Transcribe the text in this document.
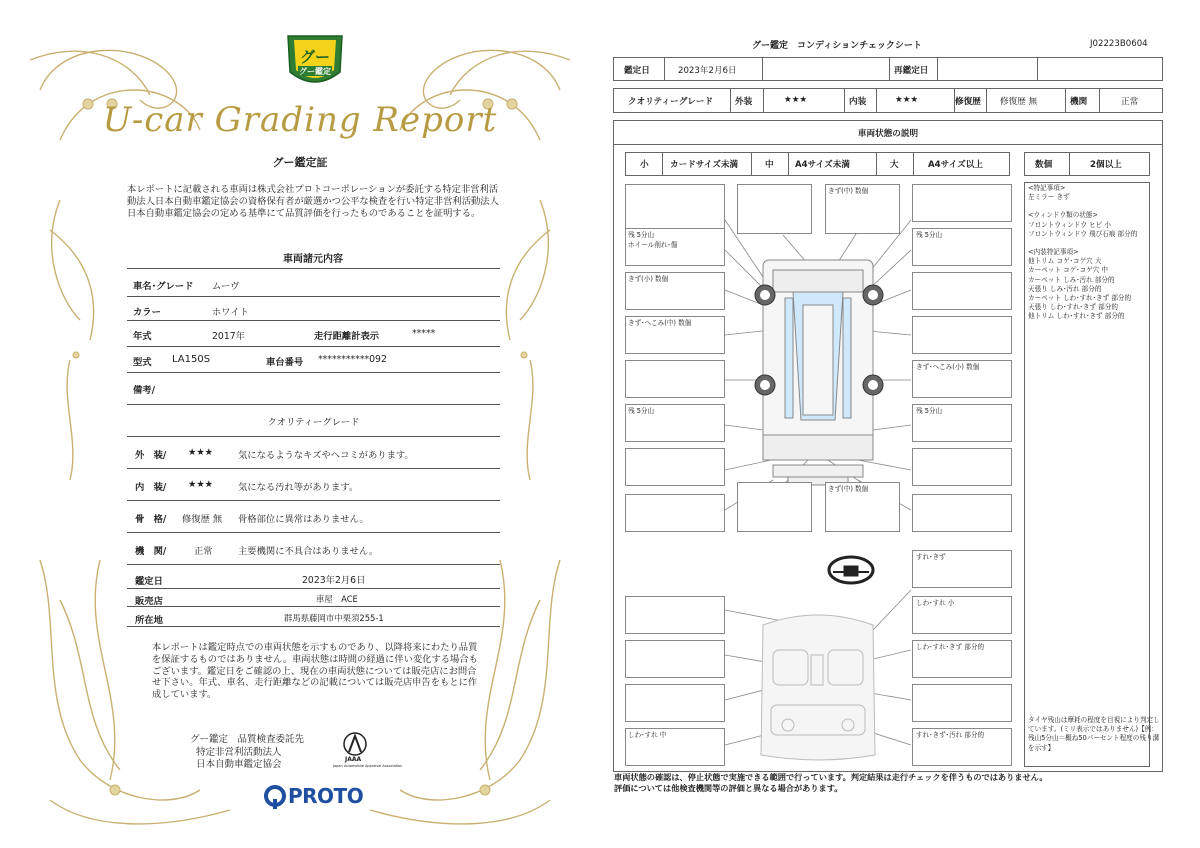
グー
グー鑑定
U-car Grading Report
グー鑑定証
本レポートに記載される車両は株式会社プロトコーポレーションが委託する特定非営利活動法人日本自動車鑑定協会の資格保有者が厳選かつ公平な検査を行い特定非営利活動法人日本自動車鑑定協会の定める基準にて品質評価を行ったものであることを証明する。
車両諸元内容
車名･グレード ムーヴ
カラー	ホワイト
年式	2017年	走行距離計表示	*****
型式 LA150S	車台番号 ***********092
備考/
クオリティーグレード
外　装/ ★★★	気になるようなキズやヘコミがあります。
内　装/ ★★★	気になる汚れ等があります。
骨　格/ 修復歴 無 骨格部位に異常はありません。
機　関/	正常	主要機関に不具合はありません。
鑑定日	2023年2月6日
販売店	車屋　ACE
所在地	群馬県藤岡市中栗須255-1
本レポートは鑑定時点での車両状態を示すものであり、以降将来にわたり品質を保証するものではありません。車両状態は時間の経過に伴い変化する場合もございます。鑑定日をご確認の上、現在の車両状態については販売店にお問合せ下さい。年式、車名、走行距離などの記載については販売店申告をもとに作成しています。
グー鑑定　品質検査委託先
特定非営利活動法人
日本自動車鑑定協会	JAAA
Japan Automobile Appraisal Association
PROTO
グー鑑定　コンディションチェックシート	J02223B0604
鑑定日	2023年2月6日	再鑑定日
クオリティーグレード	外装	★★★	内装	★★★	修復歴 修復歴 無	機関	正常
車両状態の説明
小 カードサイズ未満	中 A4サイズ未満	大	A4サイズ以上	数個	2個以上
<特記事項>
左ミラー きず
<ウィンドウ類の状態>
フロントウィンドウ ヒビ 小
フロントウィンドウ 飛び石痕 部分的
<内装特記事項>
他トリム コゲ･コゲ穴 大
カーペット コゲ･コゲ穴 中
カーペット しみ･汚れ 部分的
天張り しみ･汚れ 部分的
カーペット しわ･すれ･きず 部分的
天張り しわ･すれ･きず 部分的
他トリム しわ･すれ･きず 部分的
タイヤ残山は摩耗の程度を目視により判定しています。(ミリ表示ではありません)【例：残山5分山＝概ね50パーセント程度の残り溝を示す】
きず(中) 数個
残 5分山
ホイール削れ･傷
残 5分山
きず(小) 数個
きず･へこみ(中) 数個
きず･へこみ(小) 数個
残 5分山	残 5分山
きず(中) 数個
すれ･きず
しわ･すれ 小
しわ･すれ･きず 部分的
しわ･すれ 中	すれ･きず･汚れ 部分的
車両状態の確認は、停止状態で実施できる範囲で行っています。判定結果は走行チェックを伴うものではありません。
評価については他検査機関等の評価と異なる場合があります。
